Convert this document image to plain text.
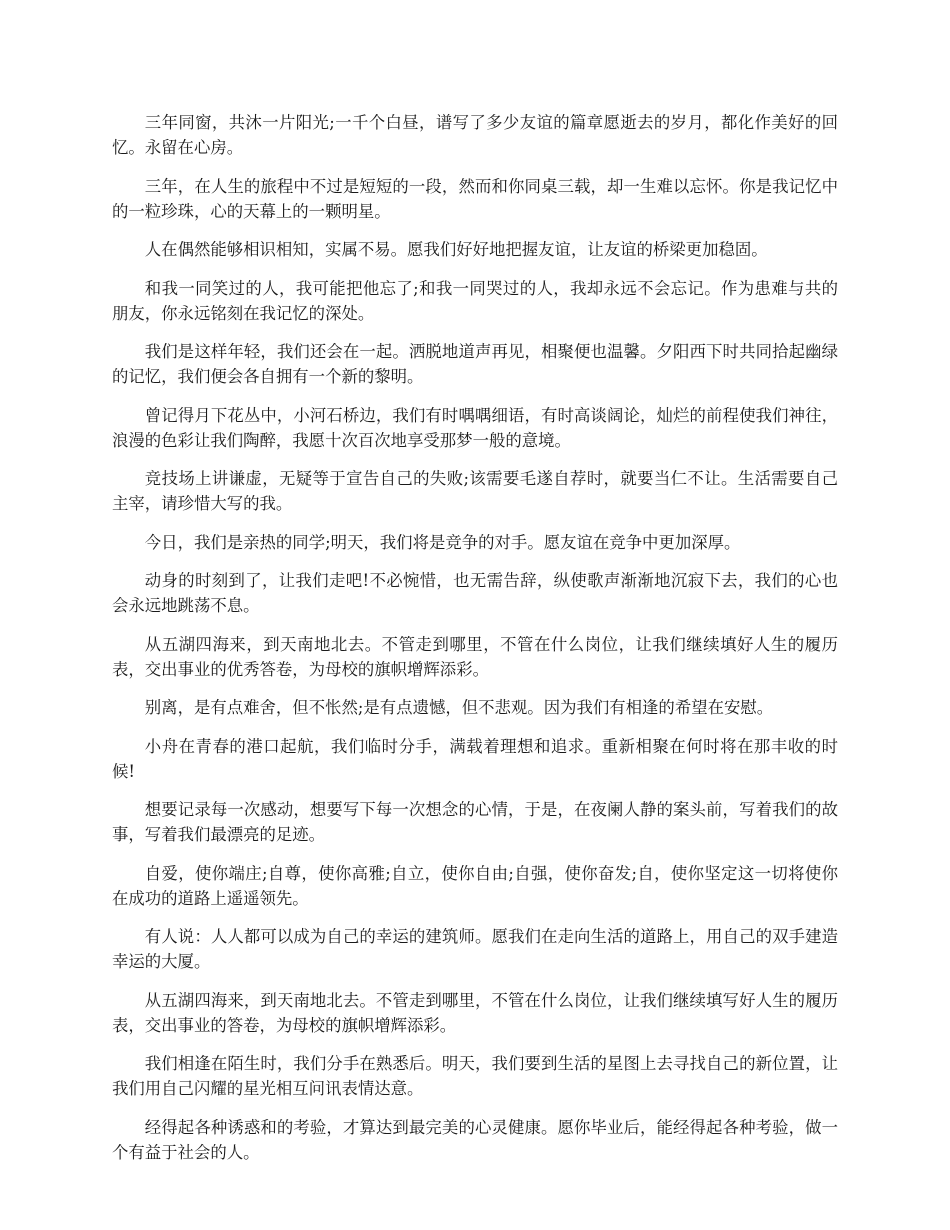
三年同窗，共沐一片阳光;一千个白昼，谱写了多少友谊的篇章愿逝去的岁月，都化作美好的回忆。永留在心房。

三年，在人生的旅程中不过是短短的一段，然而和你同桌三载，却一生难以忘怀。你是我记忆中的一粒珍珠，心的天幕上的一颗明星。

人在偶然能够相识相知，实属不易。愿我们好好地把握友谊，让友谊的桥梁更加稳固。

和我一同笑过的人，我可能把他忘了;和我一同哭过的人，我却永远不会忘记。作为患难与共的朋友，你永远铭刻在我记忆的深处。

我们是这样年轻，我们还会在一起。洒脱地道声再见，相聚便也温馨。夕阳西下时共同拾起幽绿的记忆，我们便会各自拥有一个新的黎明。

曾记得月下花丛中，小河石桥边，我们有时喁喁细语，有时高谈阔论，灿烂的前程使我们神往，浪漫的色彩让我们陶醉，我愿十次百次地享受那梦一般的意境。

竞技场上讲谦虚，无疑等于宣告自己的失败;该需要毛遂自荐时，就要当仁不让。生活需要自己主宰，请珍惜大写的我。

今日，我们是亲热的同学;明天，我们将是竞争的对手。愿友谊在竞争中更加深厚。

动身的时刻到了，让我们走吧!不必惋惜，也无需告辞，纵使歌声渐渐地沉寂下去，我们的心也会永远地跳荡不息。

从五湖四海来，到天南地北去。不管走到哪里，不管在什么岗位，让我们继续填好人生的履历表，交出事业的优秀答卷，为母校的旗帜增辉添彩。

别离，是有点难舍，但不怅然;是有点遗憾，但不悲观。因为我们有相逢的希望在安慰。

小舟在青春的港口起航，我们临时分手，满载着理想和追求。重新相聚在何时将在那丰收的时候!

想要记录每一次感动，想要写下每一次想念的心情，于是，在夜阑人静的案头前，写着我们的故事，写着我们最漂亮的足迹。

自爱，使你端庄;自尊，使你高雅;自立，使你自由;自强，使你奋发;自，使你坚定这一切将使你在成功的道路上遥遥领先。

有人说：人人都可以成为自己的幸运的建筑师。愿我们在走向生活的道路上，用自己的双手建造幸运的大厦。

从五湖四海来，到天南地北去。不管走到哪里，不管在什么岗位，让我们继续填写好人生的履历表，交出事业的答卷，为母校的旗帜增辉添彩。

我们相逢在陌生时，我们分手在熟悉后。明天，我们要到生活的星图上去寻找自己的新位置，让我们用自己闪耀的星光相互问讯表情达意。

经得起各种诱惑和的考验，才算达到最完美的心灵健康。愿你毕业后，能经得起各种考验，做一个有益于社会的人。
